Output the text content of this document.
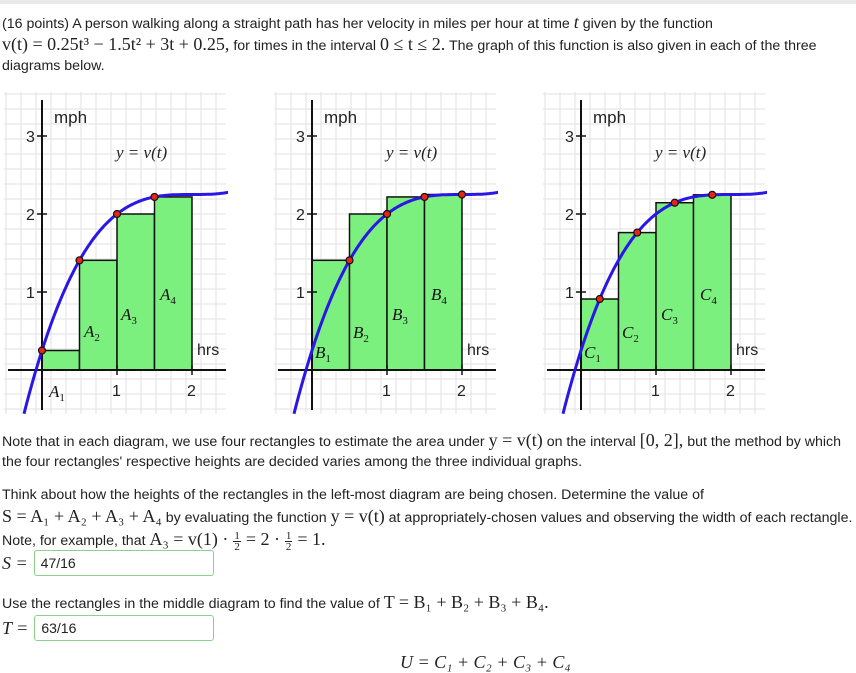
(16 points) A person walking along a straight path has her velocity in miles per hour at time t given by the function
v(t) = 0.25t³ − 1.5t² + 3t + 0.25, for times in the interval 0 ≤ t ≤ 2. The graph of this function is also given in each of the three diagrams below.
1	2
1
2
3
mph
hrs
y = v(t)
$A_1$
$A_2$
$A_3$
$A_4$
1	2
1
2
3
mph
hrs
y = v(t)
$B_1$
$B_2$
$B_3$
$B_4$
1	2
1
2
3
mph
hrs
y = v(t)
$C_1$
$C_2$
$C_3$
$C_4$
Note that in each diagram, we use four rectangles to estimate the area under y = v(t) on the interval [0, 2], but the method by which the four rectangles' respective heights are decided varies among the three individual graphs.
Think about how the heights of the rectangles in the left-most diagram are being chosen. Determine the value of
S = A₁ + A₂ + A₃ + A₄ by evaluating the function y = v(t) at appropriately-chosen values and observing the width of each rectangle. Note, for example, that $A_3 = v(1) \cdot \frac{1}{2} = 2 \cdot \frac{1}{2} = 1$.
S = 47/16
Use the rectangles in the middle diagram to find the value of T = B₁ + B₂ + B₃ + B₄.
T = 63/16
U = C₁ + C₂ + C₃ + C₄
